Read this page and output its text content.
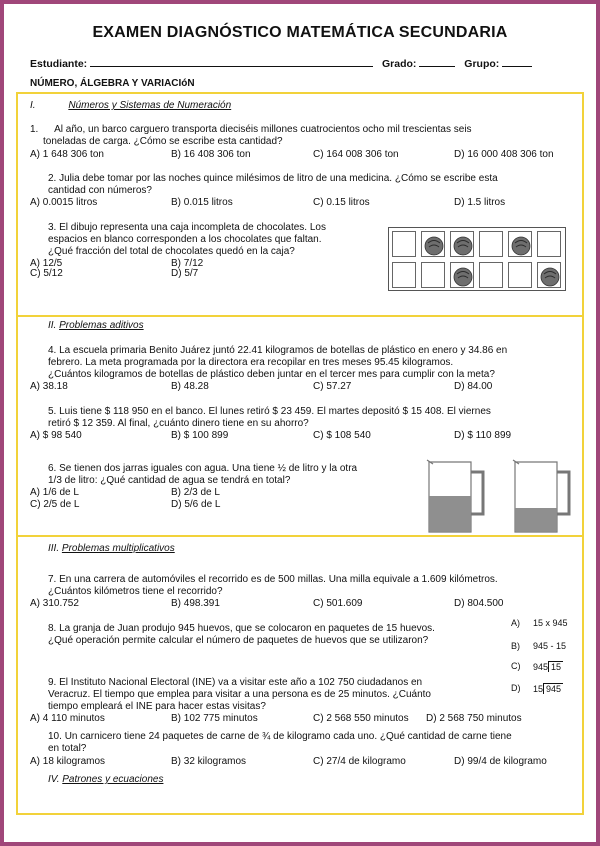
EXAMEN DIAGNÓSTICO MATEMÁTICA SECUNDARIA
Estudiante:	Grado:	Grupo:
NÚMERO, ÁLGEBRA Y VARIACIóN
I.	Números y Sistemas de Numeración
1. Al año, un barco carguero transporta dieciséis millones cuatrocientos ocho mil trescientas seis
toneladas de carga. ¿Cómo se escribe esta cantidad?
A) 1 648 306 ton	B) 16 408 306 ton	C) 164 008 306 ton	D) 16 000 408 306 ton
2. Julia debe tomar por las noches quince milésimos de litro de una medicina. ¿Cómo se escribe esta
cantidad con números?
A) 0.0015 litros	B) 0.015 litros	C) 0.15 litros	D) 1.5 litros
3. El dibujo representa una caja incompleta de chocolates. Los
espacios en blanco corresponden a los chocolates que faltan.
¿Qué fracción del total de chocolates quedó en la caja?
A) 12/5	B) 7/12
C) 5/12	D) 5/7
II. Problemas aditivos
4. La escuela primaria Benito Juárez juntó 22.41 kilogramos de botellas de plástico en enero y 34.86 en
febrero. La meta programada por la directora era recopilar en tres meses 95.45 kilogramos.
¿Cuántos kilogramos de botellas de plástico deben juntar en el tercer mes para cumplir con la meta?
A) 38.18	B) 48.28	C) 57.27	D) 84.00
5. Luis tiene $ 118 950 en el banco. El lunes retiró $ 23 459. El martes depositó $ 15 408. El viernes
retiró $ 12 359. Al final, ¿cuánto dinero tiene en su ahorro?
A) $ 98 540	B) $ 100 899	C) $ 108 540	D) $ 110 899
6. Se tienen dos jarras iguales con agua. Una tiene ½ de litro y la otra
1/3 de litro: ¿Qué cantidad de agua se tendrá en total?
A) 1/6 de L	B) 2/3 de L
C) 2/5 de L	D) 5/6 de L
III. Problemas multiplicativos
7. En una carrera de automóviles el recorrido es de 500 millas. Una milla equivale a 1.609 kilómetros.
¿Cuántos kilómetros tiene el recorrido?
A) 310.752	B) 498.391	C) 501.609	D) 804.500
8. La granja de Juan produjo 945 huevos, que se colocaron en paquetes de 15 huevos.
¿Qué operación permite calcular el número de paquetes de huevos que se utilizaron?
A) 15 x 945
B) 945 - 15
C) 945 15
D) 15 945
9. El Instituto Nacional Electoral (INE) va a visitar este año a 102 750 ciudadanos en
Veracruz. El tiempo que emplea para visitar a una persona es de 25 minutos. ¿Cuánto
tiempo empleará el INE para hacer estas visitas?
A) 4 110 minutos	B) 102 775 minutos	C) 2 568 550 minutos D) 2 568 750 minutos
10. Un carnicero tiene 24 paquetes de carne de ¾ de kilogramo cada uno. ¿Qué cantidad de carne tiene
en total?
A) 18 kilogramos	B) 32 kilogramos	C) 27/4 de kilogramo	D) 99/4 de kilogramo
IV. Patrones y ecuaciones
